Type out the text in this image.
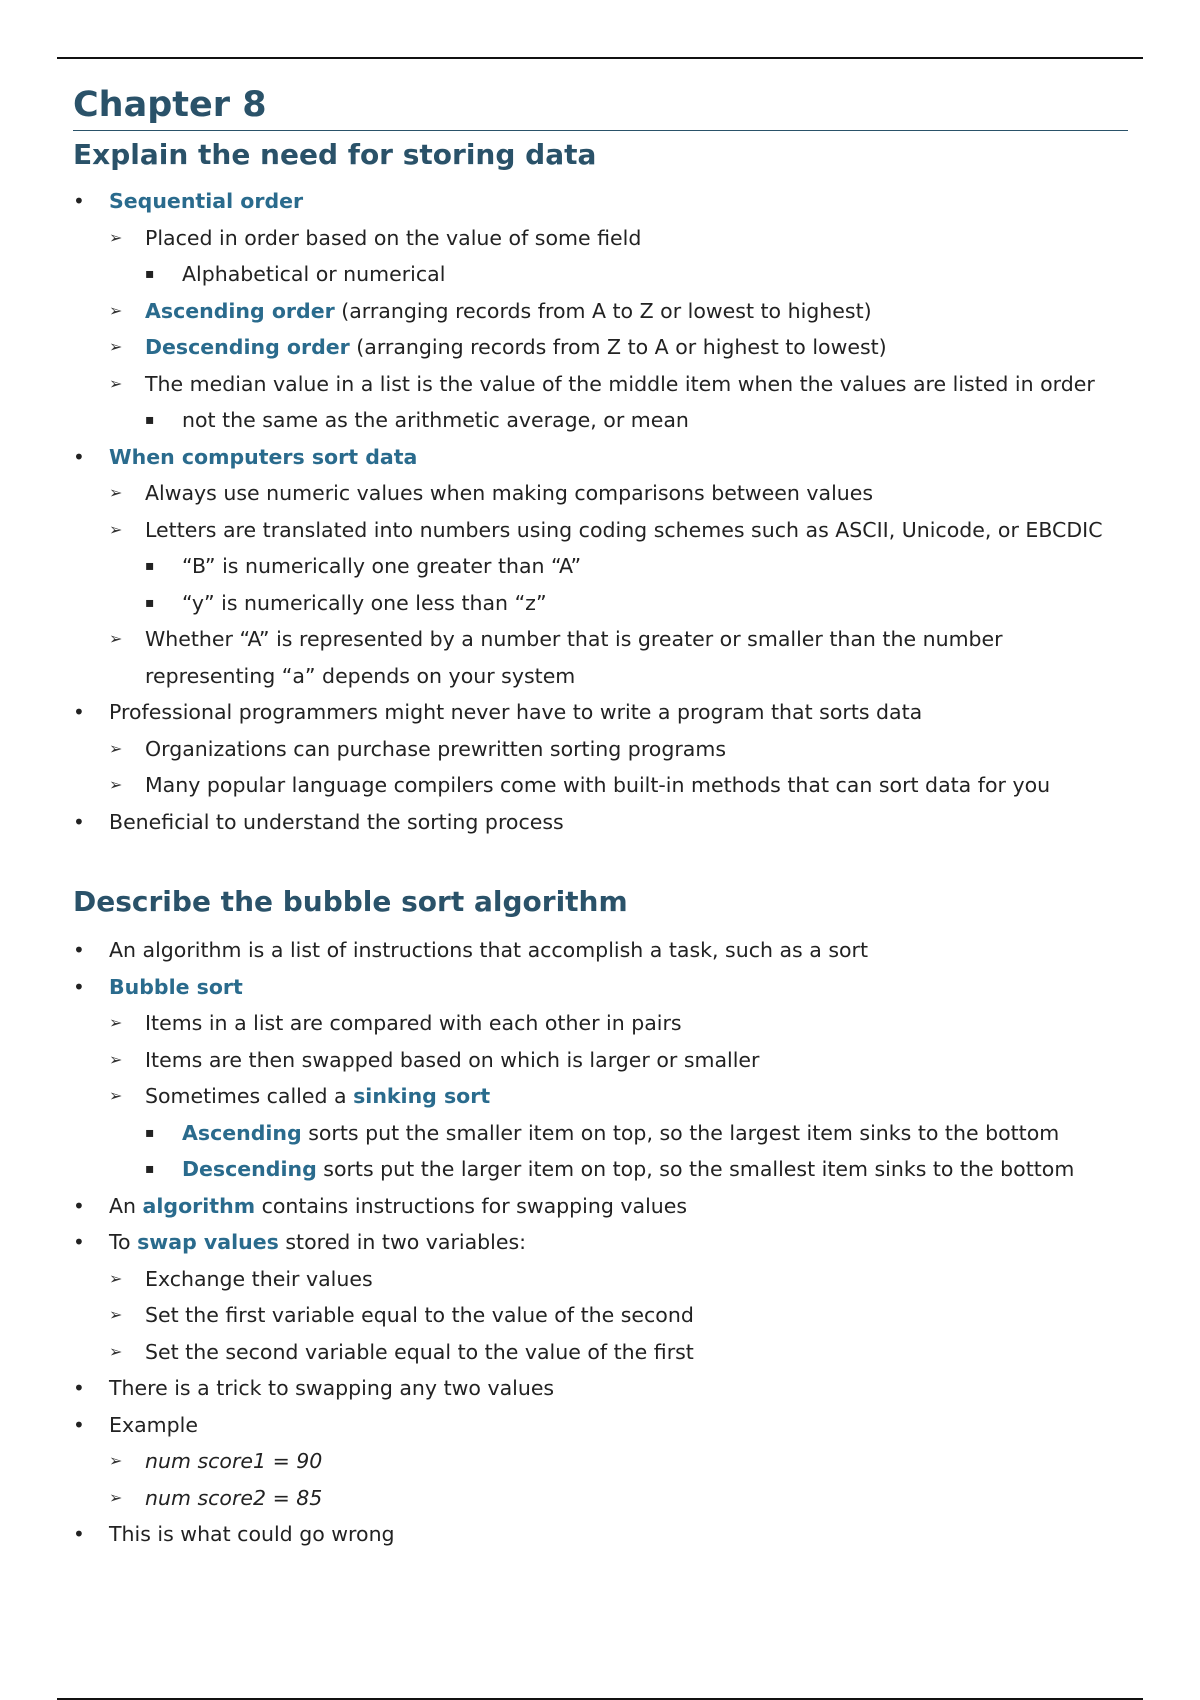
Chapter 8
Explain the need for storing data
• Sequential order
➢ Placed in order based on the value of some field
▪ Alphabetical or numerical
➢ Ascending order (arranging records from A to Z or lowest to highest)
➢ Descending order (arranging records from Z to A or highest to lowest)
➢ The median value in a list is the value of the middle item when the values are listed in order
▪ not the same as the arithmetic average, or mean
• When computers sort data
➢ Always use numeric values when making comparisons between values
➢ Letters are translated into numbers using coding schemes such as ASCII, Unicode, or EBCDIC
▪ “B” is numerically one greater than “A”
▪ “y” is numerically one less than “z”
➢ Whether “A” is represented by a number that is greater or smaller than the number representing “a” depends on your system
• Professional programmers might never have to write a program that sorts data
➢ Organizations can purchase prewritten sorting programs
➢ Many popular language compilers come with built-in methods that can sort data for you
• Beneficial to understand the sorting process
Describe the bubble sort algorithm
• An algorithm is a list of instructions that accomplish a task, such as a sort
• Bubble sort
➢ Items in a list are compared with each other in pairs
➢ Items are then swapped based on which is larger or smaller
➢ Sometimes called a sinking sort
▪ Ascending sorts put the smaller item on top, so the largest item sinks to the bottom
▪ Descending sorts put the larger item on top, so the smallest item sinks to the bottom
• An algorithm contains instructions for swapping values
• To swap values stored in two variables:
➢ Exchange their values
➢ Set the first variable equal to the value of the second
➢ Set the second variable equal to the value of the first
• There is a trick to swapping any two values
• Example
➢ num score1 = 90
➢ num score2 = 85
• This is what could go wrong
